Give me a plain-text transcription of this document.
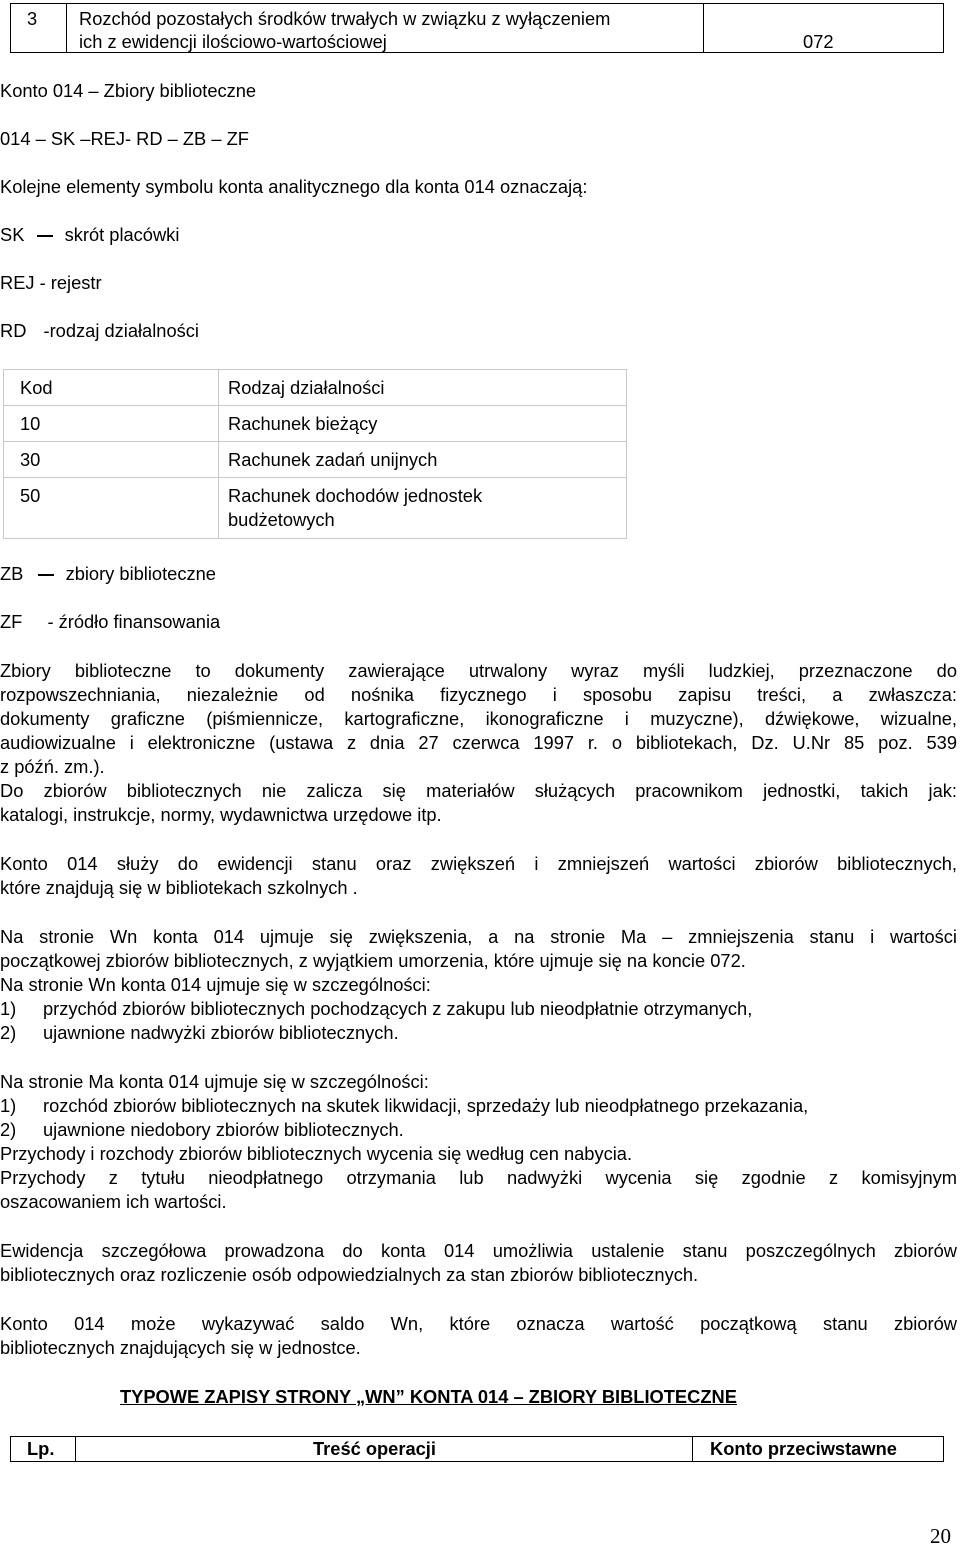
3 Rozchód pozostałych środków trwałych w związku z wyłączeniem
ich z ewidencji ilościowo-wartościowej	072
Konto 014 – Zbiory biblioteczne
014 – SK –REJ- RD – ZB – ZF
Kolejne elementy symbolu konta analitycznego dla konta 014 oznaczają:
SK skrót placówki
REJ - rejestr
RD -rodzaj działalności
Kod	Rodzaj działalności
10	Rachunek bieżący
30	Rachunek zadań unijnych
50	Rachunek dochodów jednostek
budżetowych
ZB zbiory biblioteczne
ZF - źródło finansowania
Zbiory biblioteczne to dokumenty zawierające utrwalony wyraz myśli ludzkiej, przeznaczone do
rozpowszechniania, niezależnie od nośnika fizycznego i sposobu zapisu treści, a zwłaszcza:
dokumenty graficzne (piśmiennicze, kartograficzne, ikonograficzne i muzyczne), dźwiękowe, wizualne,
audiowizualne i elektroniczne (ustawa z dnia 27 czerwca 1997 r. o bibliotekach, Dz. U.Nr 85 poz. 539
z późń. zm.).
Do zbiorów bibliotecznych nie zalicza się materiałów służących pracownikom jednostki, takich jak:
katalogi, instrukcje, normy, wydawnictwa urzędowe itp.
Konto 014 służy do ewidencji stanu oraz zwiększeń i zmniejszeń wartości zbiorów bibliotecznych,
które znajdują się w bibliotekach szkolnych .
Na stronie Wn konta 014 ujmuje się zwiększenia, a na stronie Ma – zmniejszenia stanu i wartości
początkowej zbiorów bibliotecznych, z wyjątkiem umorzenia, które ujmuje się na koncie 072.
Na stronie Wn konta 014 ujmuje się w szczególności:
1) przychód zbiorów bibliotecznych pochodzących z zakupu lub nieodpłatnie otrzymanych,
2) ujawnione nadwyżki zbiorów bibliotecznych.
Na stronie Ma konta 014 ujmuje się w szczególności:
1) rozchód zbiorów bibliotecznych na skutek likwidacji, sprzedaży lub nieodpłatnego przekazania,
2) ujawnione niedobory zbiorów bibliotecznych.
Przychody i rozchody zbiorów bibliotecznych wycenia się według cen nabycia.
Przychody z tytułu nieodpłatnego otrzymania lub nadwyżki wycenia się zgodnie z komisyjnym
oszacowaniem ich wartości.
Ewidencja szczegółowa prowadzona do konta 014 umożliwia ustalenie stanu poszczególnych zbiorów
bibliotecznych oraz rozliczenie osób odpowiedzialnych za stan zbiorów bibliotecznych.
Konto 014 może wykazywać saldo Wn, które oznacza wartość początkową stanu zbiorów
bibliotecznych znajdujących się w jednostce.
TYPOWE ZAPISY STRONY „WN” KONTA 014 – ZBIORY BIBLIOTECZNE
Lp.	Treść operacji	Konto przeciwstawne
20
